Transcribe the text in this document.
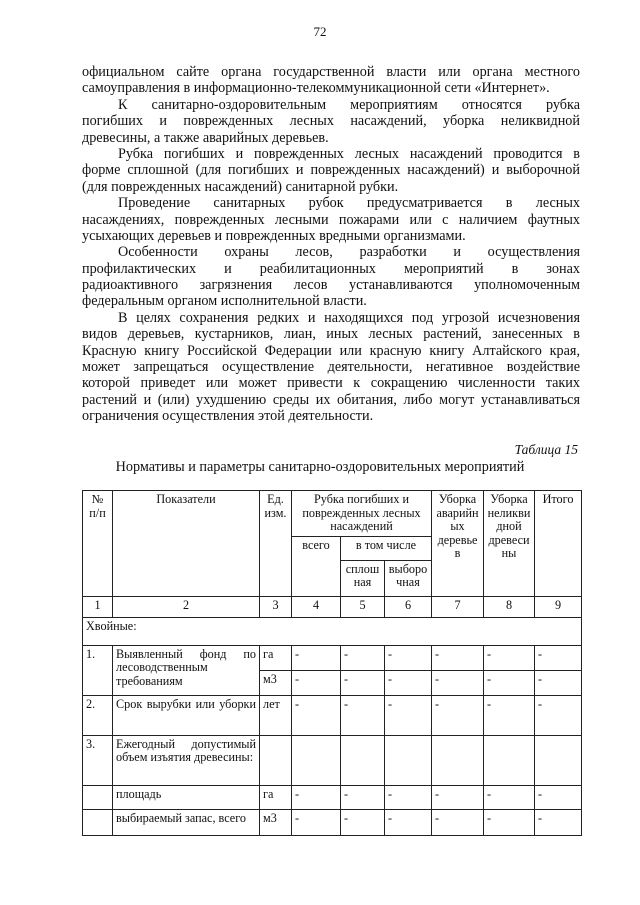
72
официальном сайте органа государственной власти или органа местного
самоуправления в информационно-телекоммуникационной сети «Интернет».
К санитарно-оздоровительным мероприятиям относятся рубка
погибших и поврежденных лесных насаждений, уборка неликвидной
древесины, а также аварийных деревьев.
Рубка погибших и поврежденных лесных насаждений проводится в
форме сплошной (для погибших и поврежденных насаждений) и выборочной
(для поврежденных насаждений) санитарной рубки.
Проведение санитарных рубок предусматривается в лесных
насаждениях, поврежденных лесными пожарами или с наличием фаутных
усыхающих деревьев и поврежденных вредными организмами.
Особенности охраны лесов, разработки и осуществления
профилактических и реабилитационных мероприятий в зонах
радиоактивного загрязнения лесов устанавливаются уполномоченным
федеральным органом исполнительной власти.
В целях сохранения редких и находящихся под угрозой исчезновения
видов деревьев, кустарников, лиан, иных лесных растений, занесенных в
Красную книгу Российской Федерации или красную книгу Алтайского края,
может запрещаться осуществление деятельности, негативное воздействие
которой приведет или может привести к сокращению численности таких
растений и (или) ухудшению среды их обитания, либо могут устанавливаться
ограничения осуществления этой деятельности.
Таблица 15
Нормативы и параметры санитарно-оздоровительных мероприятий
№ п/п	Показатели	Ед. изм.	Рубка погибших и поврежденных лесных насаждений			Уборка аварийн ых деревье в	Уборка неликви дной древеси ны	Итого
			всего	в том числе				
				сплош ная	выборо чная			
1	2	3	4	5	6	7	8	9
Хвойные:								
1.	Выявленный фонд по лесоводственным требованиям	га	-	-	-	-	-	-
		м3	-	-	-	-	-	-
2.	Срок вырубки или уборки	лет	-	-	-	-	-	-
3.	Ежегодный допустимый объем изъятия древесины:							
	площадь	га	-	-	-	-	-	-
	выбираемый запас, всего	м3	-	-	-	-	-	-
